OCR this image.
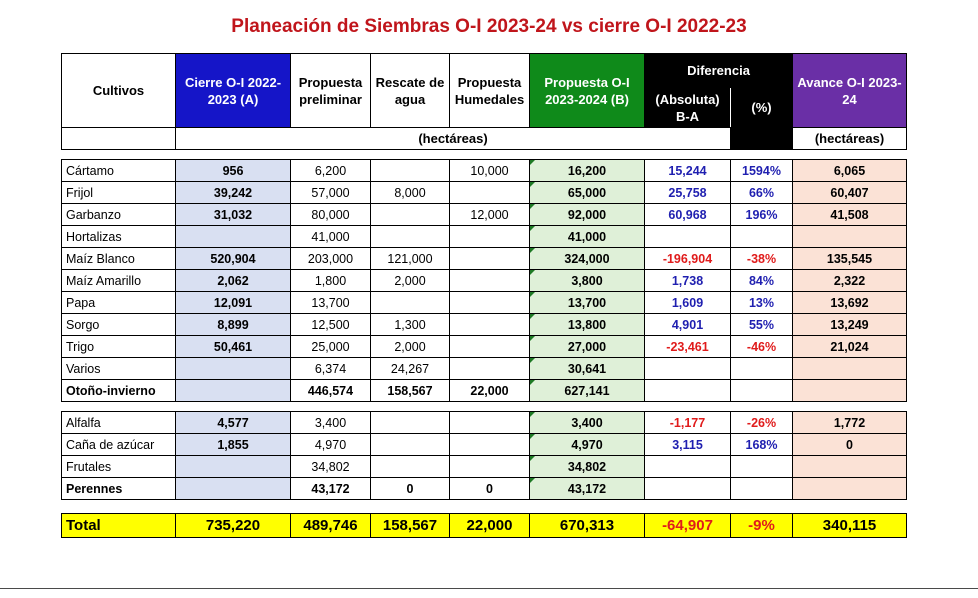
Planeación de Siembras O-I 2023-24 vs cierre O-I 2022-23
Cultivos	Cierre O-I 2022-2023 (A)	Propuesta preliminar	Rescate de agua	Propuesta Humedales	Propuesta O-I 2023-2024 (B)	Diferencia		Avance O-I 2023-24
						(Absoluta) B-A	(%)	
	(hectáreas)							(hectáreas)

Cártamo	956	6,200		10,000	16,200	15,244	1594%	6,065
Frijol	39,242	57,000	8,000		65,000	25,758	66%	60,407
Garbanzo	31,032	80,000		12,000	92,000	60,968	196%	41,508
Hortalizas		41,000			41,000			
Maíz Blanco	520,904	203,000	121,000		324,000	-196,904	-38%	135,545
Maíz Amarillo	2,062	1,800	2,000		3,800	1,738	84%	2,322
Papa	12,091	13,700			13,700	1,609	13%	13,692
Sorgo	8,899	12,500	1,300		13,800	4,901	55%	13,249
Trigo	50,461	25,000	2,000		27,000	-23,461	-46%	21,024
Varios		6,374	24,267		30,641			
Otoño-invierno		446,574	158,567	22,000	627,141			

Alfalfa	4,577	3,400			3,400	-1,177	-26%	1,772
Caña de azúcar	1,855	4,970			4,970	3,115	168%	0
Frutales		34,802			34,802			
Perennes		43,172	0	0	43,172			

Total	735,220	489,746	158,567	22,000	670,313	-64,907	-9%	340,115
